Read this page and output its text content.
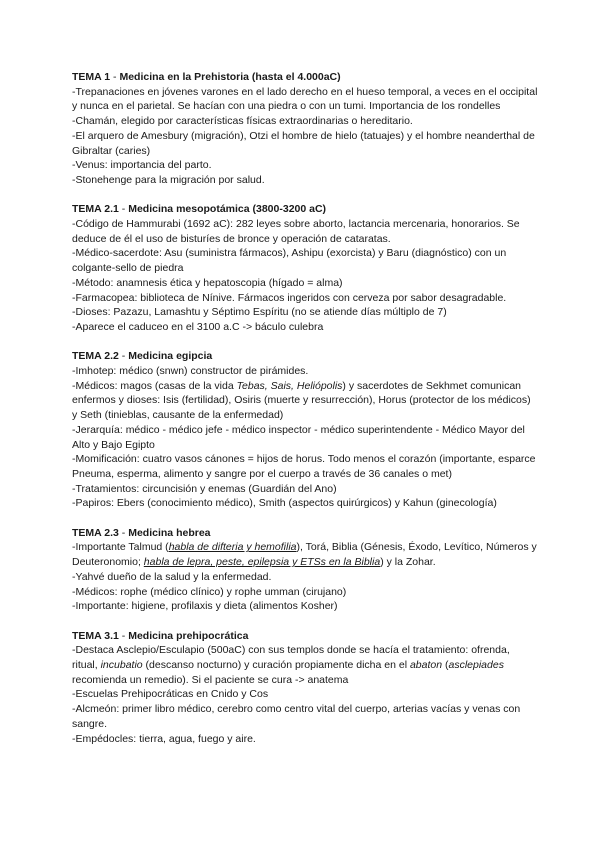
TEMA 1 - Medicina en la Prehistoria (hasta el 4.000aC)

-Trepanaciones en jóvenes varones en el lado derecho en el hueso temporal, a veces en el occipital y nunca en el parietal. Se hacían con una piedra o con un tumi. Importancia de los rondelles

-Chamán, elegido por características físicas extraordinarias o hereditario.

-El arquero de Amesbury (migración), Otzi el hombre de hielo (tatuajes) y el hombre neanderthal de Gibraltar (caries)

-Venus: importancia del parto.

-Stonehenge para la migración por salud.

TEMA 2.1 - Medicina mesopotámica (3800-3200 aC)

-Código de Hammurabi (1692 aC): 282 leyes sobre aborto, lactancia mercenaria, honorarios. Se deduce de él el uso de bisturíes de bronce y operación de cataratas.

-Médico-sacerdote: Asu (suministra fármacos), Ashipu (exorcista) y Baru (diagnóstico) con un colgante-sello de piedra

-Método: anamnesis ética y hepatoscopia (hígado = alma)

-Farmacopea: biblioteca de Nínive. Fármacos ingeridos con cerveza por sabor desagradable.

-Dioses: Pazazu, Lamashtu y Séptimo Espíritu (no se atiende días múltiplo de 7)

-Aparece el caduceo en el 3100 a.C -> báculo culebra

TEMA 2.2 - Medicina egipcia

-Imhotep: médico (snwn) constructor de pirámides.

-Médicos: magos (casas de la vida Tebas, Sais, Heliópolis) y sacerdotes de Sekhmet comunican enfermos y dioses: Isis (fertilidad), Osiris (muerte y resurrección), Horus (protector de los médicos) y Seth (tinieblas, causante de la enfermedad)

-Jerarquía: médico - médico jefe - médico inspector - médico superintendente - Médico Mayor del Alto y Bajo Egipto

-Momificación: cuatro vasos cánones = hijos de horus. Todo menos el corazón (importante, esparce Pneuma, esperma, alimento y sangre por el cuerpo a través de 36 canales o met)

-Tratamientos: circuncisión y enemas (Guardián del Ano)

-Papiros: Ebers (conocimiento médico), Smith (aspectos quirúrgicos) y Kahun (ginecología)

TEMA 2.3 - Medicina hebrea

-Importante Talmud (habla de difteria y hemofilia), Torá, Biblia (Génesis, Éxodo, Levítico, Números y Deuteronomio; habla de lepra, peste, epilepsia y ETSs en la Biblia) y la Zohar.

-Yahvé dueño de la salud y la enfermedad.

-Médicos: rophe (médico clínico) y rophe umman (cirujano)

-Importante: higiene, profilaxis y dieta (alimentos Kosher)

TEMA 3.1 - Medicina prehipocrática

-Destaca Asclepio/Esculapio (500aC) con sus templos donde se hacía el tratamiento: ofrenda, ritual, incubatio (descanso nocturno) y curación propiamente dicha en el abaton (asclepiades recomienda un remedio). Si el paciente se cura -> anatema

-Escuelas Prehipocráticas en Cnido y Cos

-Alcmeón: primer libro médico, cerebro como centro vital del cuerpo, arterias vacías y venas con sangre.

-Empédocles: tierra, agua, fuego y aire.
